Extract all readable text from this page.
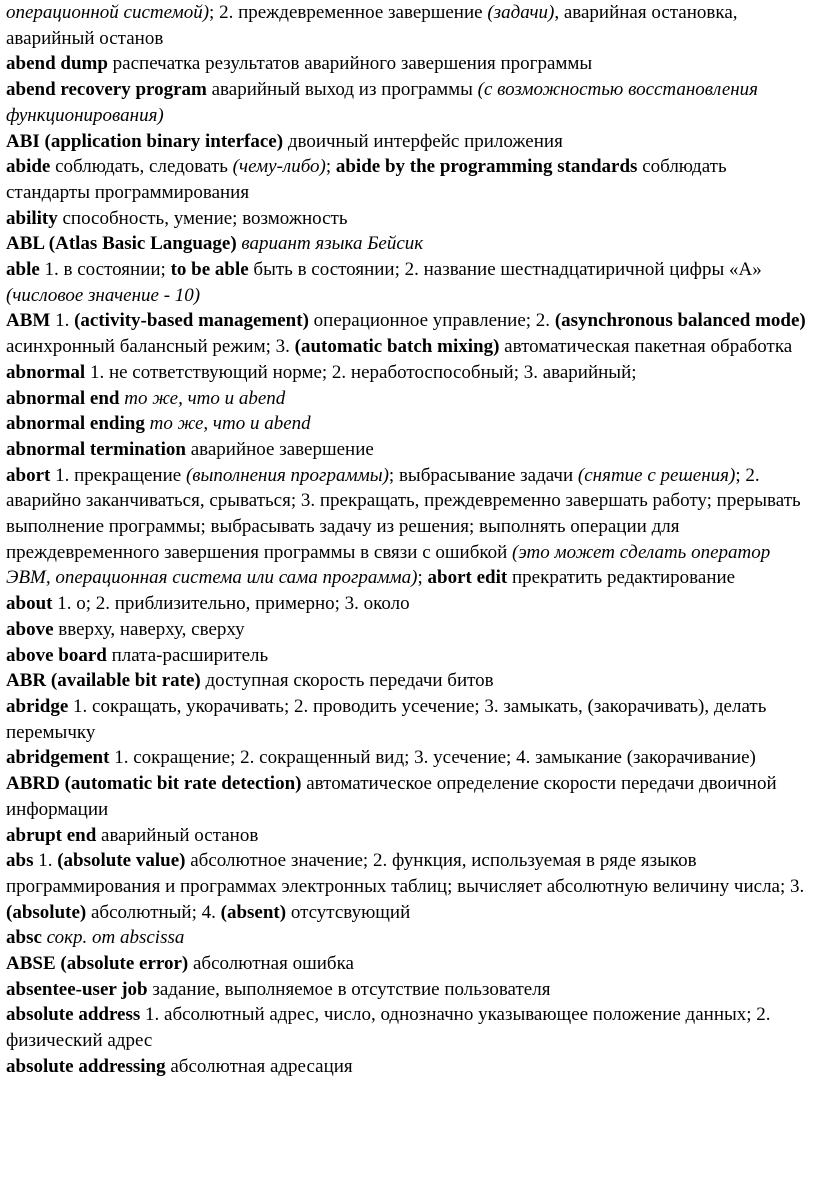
операционной системой); 2. преждевременное завершение (задачи), аварийная остановка, аварийный останов

abend dump распечатка результатов аварийного завершения программы

abend recovery program аварийный выход из программы (с возможностью восстановления функционирования)

ABI (application binary interface) двоичный интерфейс приложения

abide соблюдать, следовать (чему-либо); abide by the programming standards соблюдать стандарты программирования

ability способность, умение; возможность

ABL (Atlas Basic Language) вариант языка Бейсик

able 1. в состоянии; to be able быть в состоянии; 2. название шестнадцатиричной цифры «А» (числовое значение - 10)

ABM 1. (activity-based management) операционное управление; 2. (asynchronous balanced mode) асинхронный балансный режим; 3. (automatic batch mixing) автоматическая пакетная обработка

abnormal 1. не сответствующий норме; 2. неработоспособный; 3. аварийный;

abnormal end то же, что и abend

abnormal ending то же, что и abend

abnormal termination аварийное завершение

abort 1. прекращение (выполнения программы); выбрасывание задачи (снятие с решения); 2. аварийно заканчиваться, срываться; 3. прекращать, преждевременно завершать работу; прерывать выполнение программы; выбрасывать задачу из решения; выполнять операции для преждевременного завершения программы в связи с ошибкой (это может сделать оператор ЭВМ, операционная система или сама программа); abort edit прекратить редактирование

about 1. о; 2. приблизительно, примерно; 3. около

above вверху, наверху, сверху

above board плата-расширитель

ABR (available bit rate) доступная скорость передачи битов

abridge 1. сокращать, укорачивать; 2. проводить усечение; 3. замыкать, (закорачивать), делать перемычку

abridgement 1. сокращение; 2. сокращенный вид; 3. усечение; 4. замыкание (закорачивание)

ABRD (automatic bit rate detection) автоматическое определение скорости передачи двоичной информации

abrupt end аварийный останов

abs 1. (absolute value) абсолютное значение; 2. функция, используемая в ряде языков программирования и программах электронных таблиц; вычисляет абсолютную величину числа; 3. (absolute) абсолютный; 4. (absent) отсутсвующий

absc сокр. от abscissa

ABSE (absolute error) абсолютная ошибка

absentee-user job задание, выполняемое в отсутствие пользователя

absolute address 1. абсолютный адрес, число, однозначно указывающее положение данных; 2. физический адрес

absolute addressing абсолютная адресация
